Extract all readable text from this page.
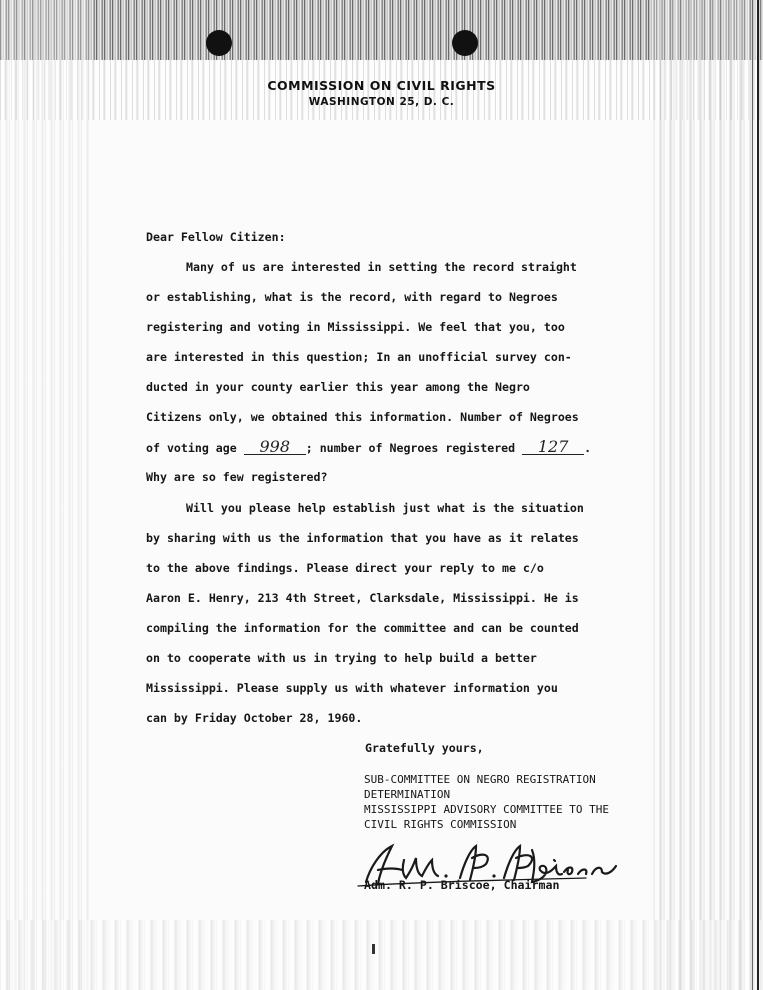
COMMISSION ON CIVIL RIGHTS
WASHINGTON 25, D. C.
Dear Fellow Citizen:
Many of us are interested in setting the record straight
or establishing, what is the record, with regard to Negroes
registering and voting in Mississippi. We feel that you, too
are interested in this question; In an unofficial survey con-
ducted in your county earlier this year among the Negro
Citizens only, we obtained this information. Number of Negroes
of voting age 998 ; number of Negroes registered 127 .
Why are so few registered?
Will you please help establish just what is the situation
by sharing with us the information that you have as it relates
to the above findings. Please direct your reply to me c/o
Aaron E. Henry, 213 4th Street, Clarksdale, Mississippi. He is
compiling the information for the committee and can be counted
on to cooperate with us in trying to help build a better
Mississippi. Please supply us with whatever information you
can by Friday October 28, 1960.
Gratefully yours,
SUB-COMMITTEE ON NEGRO REGISTRATION
DETERMINATION
MISSISSIPPI ADVISORY COMMITTEE TO THE
CIVIL RIGHTS COMMISSION
Adm. R. P. Briscoe, Chairman
